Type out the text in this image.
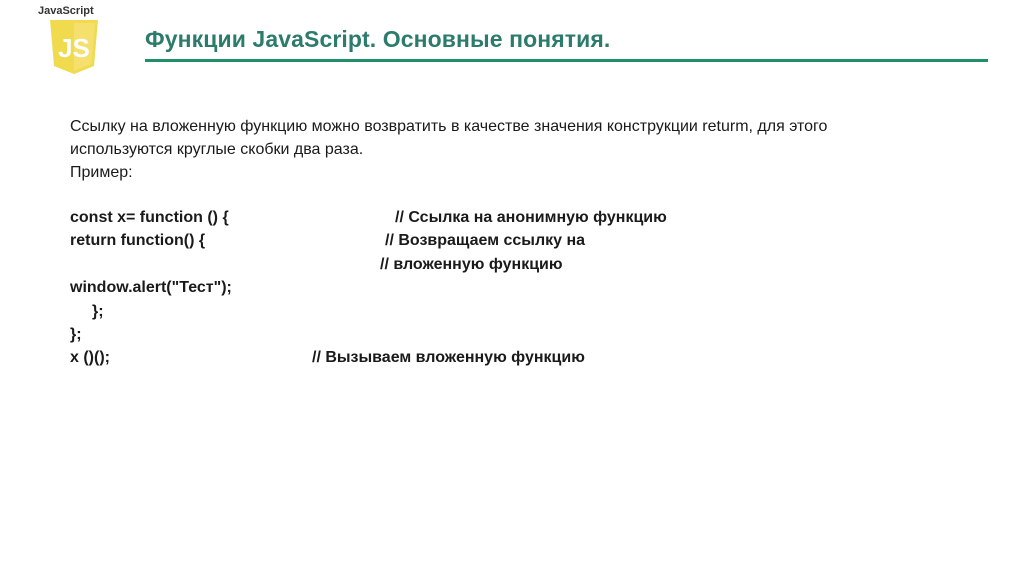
JavaScript
JS Функции JavaScript. Основные понятия.
Ссылку на вложенную функцию можно возвратить в качестве значения конструкции returm, для этого
используются круглые скобки два раза.
Пример:
const x= function () {	// Ссылка на анонимную функцию
return function() {	// Возвращаем ссылку на
// вложенную функцию
window.alert("Тест");
};
};
x ()();	// Вызываем вложенную функцию
